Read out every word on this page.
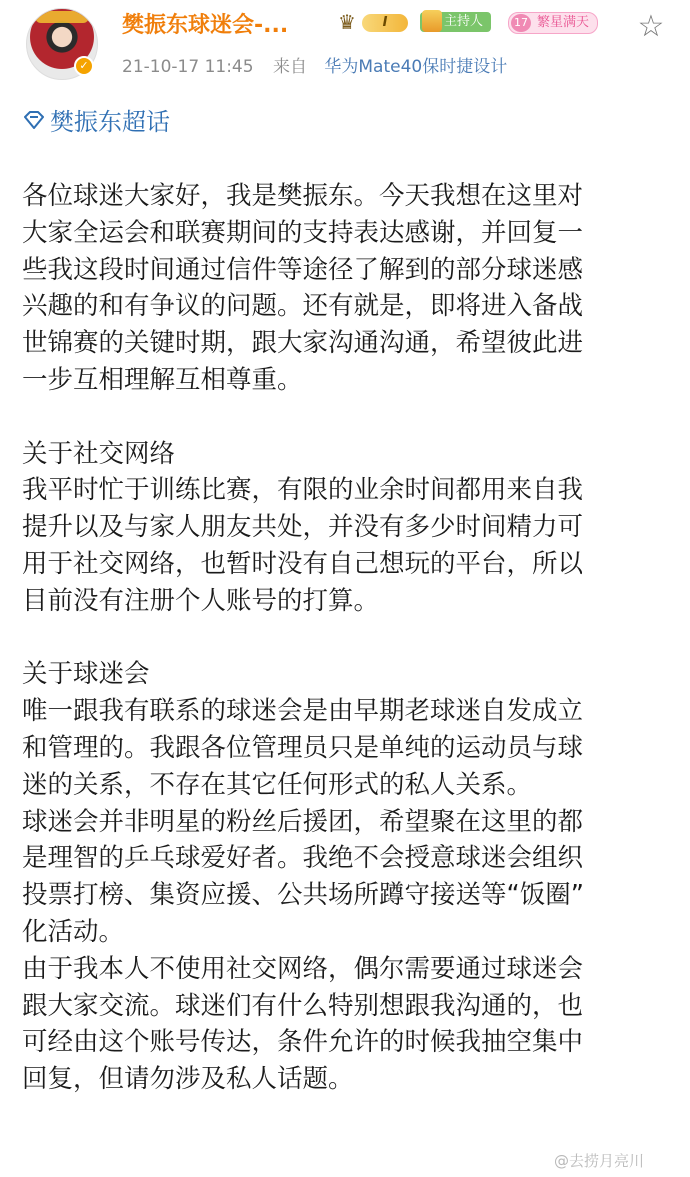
✓
樊振东球迷会-... ♛	I	主持人	17 繁星满天	☆
21-10-17 11:45 来自 华为Mate40保时捷设计
樊振东超话

各位球迷大家好，我是樊振东。今天我想在这里对

大家全运会和联赛期间的支持表达感谢，并回复一

些我这段时间通过信件等途径了解到的部分球迷感

兴趣的和有争议的问题。还有就是，即将进入备战

世锦赛的关键时期，跟大家沟通沟通，希望彼此进

一步互相理解互相尊重。

关于社交网络

我平时忙于训练比赛，有限的业余时间都用来自我

提升以及与家人朋友共处，并没有多少时间精力可

用于社交网络，也暂时没有自己想玩的平台，所以

目前没有注册个人账号的打算。

关于球迷会

唯一跟我有联系的球迷会是由早期老球迷自发成立

和管理的。我跟各位管理员只是单纯的运动员与球

迷的关系，不存在其它任何形式的私人关系。

球迷会并非明星的粉丝后援团，希望聚在这里的都

是理智的乒乓球爱好者。我绝不会授意球迷会组织

投票打榜、集资应援、公共场所蹲守接送等“饭圈”

化活动。

由于我本人不使用社交网络，偶尔需要通过球迷会

跟大家交流。球迷们有什么特别想跟我沟通的，也

可经由这个账号传达，条件允许的时候我抽空集中

回复，但请勿涉及私人话题。

@去捞月亮川
